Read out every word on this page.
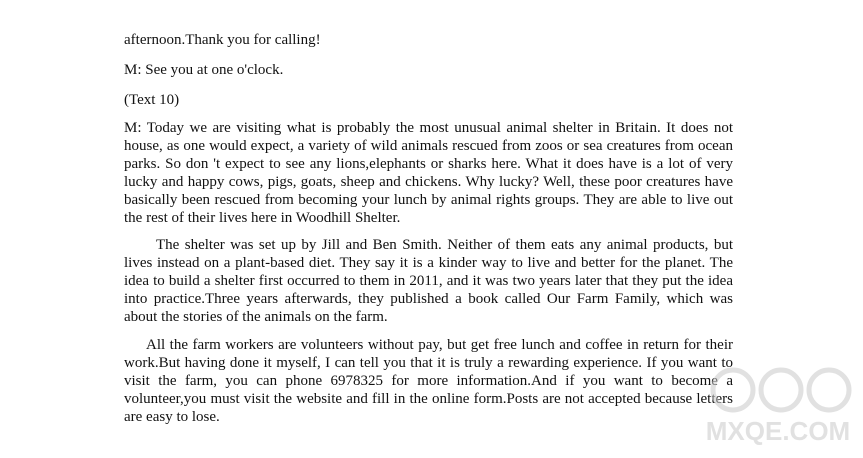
afternoon.Thank you for calling!

M: See you at one o'clock.

(Text 10)

M: Today we are visiting what is probably the most unusual animal shelter in Britain. It does not house, as one would expect, a variety of wild animals rescued from zoos or sea creatures from ocean parks. So don 't expect to see any lions,elephants or sharks here. What it does have is a lot of very lucky and happy cows, pigs, goats, sheep and chickens. Why lucky? Well, these poor creatures have basically been rescued from becoming your lunch by animal rights groups. They are able to live out the rest of their lives here in Woodhill Shelter.

The shelter was set up by Jill and Ben Smith. Neither of them eats any animal products, but lives instead on a plant-based diet. They say it is a kinder way to live and better for the planet. The idea to build a shelter first occurred to them in 2011, and it was two years later that they put the idea into practice.Three years afterwards, they published a book called Our Farm Family, which was about the stories of the animals on the farm.

All the farm workers are volunteers without pay, but get free lunch and coffee in return for their work.But having done it myself, I can tell you that it is truly a rewarding experience. If you want to visit the farm, you can phone 6978325 for more information.And if you want to become a volunteer,you must visit the website and fill in the online form.Posts are not accepted because letters are easy to lose.	MXQE.COM
